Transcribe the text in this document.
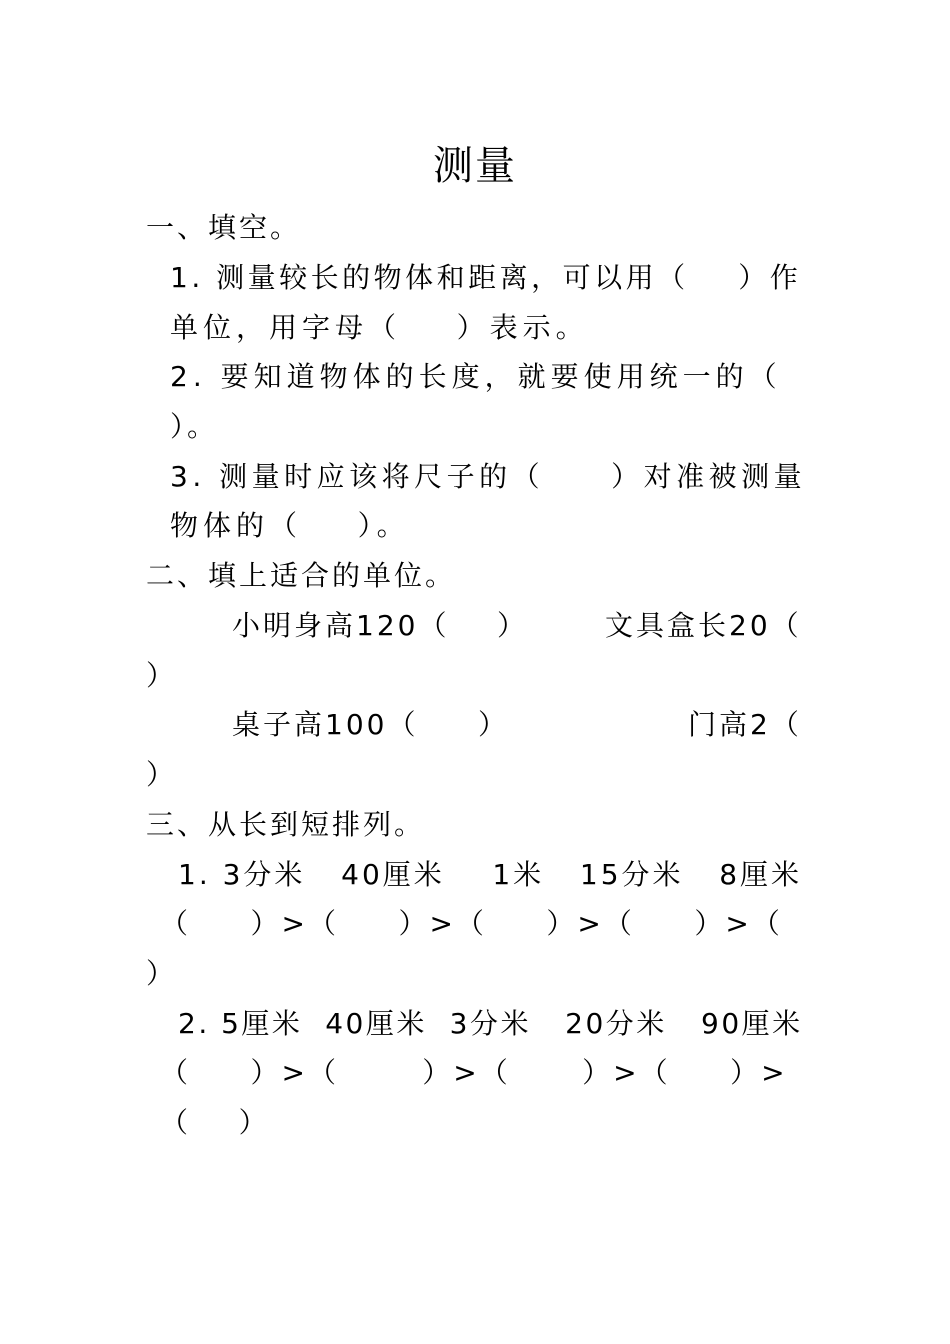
测量
一、填空。
1. 测量较长的物体和距离，可以用（    ）作
单位，用字母（    ）表示。
2. 要知道物体的长度，就要使用统一的（
）。
3. 测量时应该将尺子的（     ）对准被测量
物体的（    ）。
二、填上适合的单位。
小明身高120（    ）	文具盒长20（
）
桌子高100（     ）	门高2（
）
三、从长到短排列。
1. 3分米   40厘米    1米   15分米   8厘米
（     ）>（     ）>（     ）>（     ）>（
）
2. 5厘米  40厘米  3分米   20分米   90厘米
（     ）>（       ）>（      ）>（     ）>
（    ）
